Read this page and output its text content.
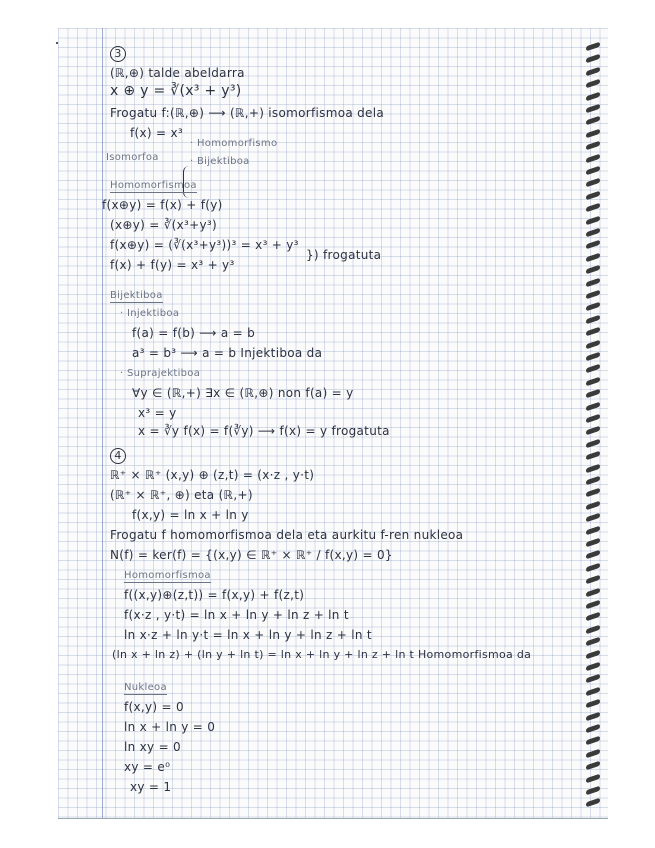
3
(ℝ,⊕) talde abeldarra
x ⊕ y = ∛(x³ + y³)
Frogatu f:(ℝ,⊕) ⟶ (ℝ,+) isomorfismoa dela
f(x) = x³
Isomorfoa
· Homomorfismo
· Bijektiboa
Homomorfismoa
f(x⊕y) = f(x) + f(y)
(x⊕y) = ∛(x³+y³)
f(x⊕y) = (∛(x³+y³))³ = x³ + y³
f(x) + f(y) = x³ + y³
}) frogatuta
Bijektiboa
· Injektiboa
f(a) = f(b) ⟶ a = b
a³ = b³ ⟶ a = b Injektiboa da
· Suprajektiboa
∀y ∈ (ℝ,+) ∃x ∈ (ℝ,⊕) non f(a) = y
x³ = y
x = ∛y f(x) = f(∛y) ⟶ f(x) = y frogatuta
4
ℝ⁺ × ℝ⁺ (x,y) ⊕ (z,t) = (x·z , y·t)
(ℝ⁺ × ℝ⁺, ⊕) eta (ℝ,+)
f(x,y) = ln x + ln y
Frogatu f homomorfismoa dela eta aurkitu f-ren nukleoa
N(f) = ker(f) = {(x,y) ∈ ℝ⁺ × ℝ⁺ / f(x,y) = 0}
Homomorfismoa
f((x,y)⊕(z,t)) = f(x,y) + f(z,t)
f(x·z , y·t) = ln x + ln y + ln z + ln t
ln x·z + ln y·t = ln x + ln y + ln z + ln t
(ln x + ln z) + (ln y + ln t) = ln x + ln y + ln z + ln t Homomorfismoa da
Nukleoa
f(x,y) = 0
ln x + ln y = 0
ln xy = 0
xy = e⁰
xy = 1
